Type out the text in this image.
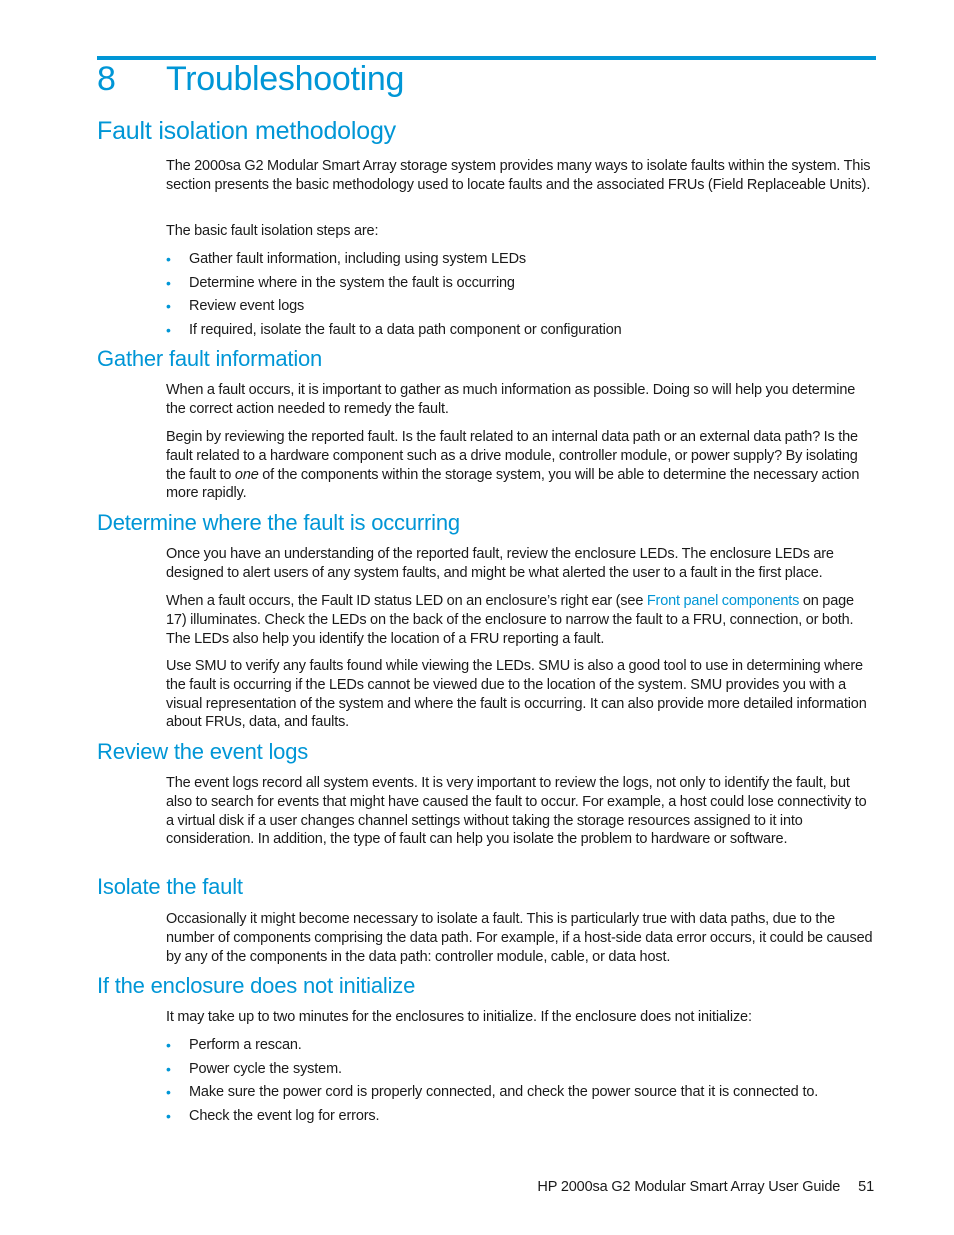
8 Troubleshooting
Fault isolation methodology

The 2000sa G2 Modular Smart Array storage system provides many ways to isolate faults within the system. This section presents the basic methodology used to locate faults and the associated FRUs (Field Replaceable Units).

The basic fault isolation steps are:

• Gather fault information, including using system LEDs
• Determine where in the system the fault is occurring
• Review event logs
• If required, isolate the fault to a data path component or configuration
Gather fault information

When a fault occurs, it is important to gather as much information as possible. Doing so will help you determine the correct action needed to remedy the fault.

Begin by reviewing the reported fault. Is the fault related to an internal data path or an external data path? Is the fault related to a hardware component such as a drive module, controller module, or power supply? By isolating the fault to one of the components within the storage system, you will be able to determine the necessary action more rapidly.

Determine where the fault is occurring

Once you have an understanding of the reported fault, review the enclosure LEDs. The enclosure LEDs are designed to alert users of any system faults, and might be what alerted the user to a fault in the first place.

When a fault occurs, the Fault ID status LED on an enclosure’s right ear (see Front panel components on page 17) illuminates. Check the LEDs on the back of the enclosure to narrow the fault to a FRU, connection, or both. The LEDs also help you identify the location of a FRU reporting a fault.

Use SMU to verify any faults found while viewing the LEDs. SMU is also a good tool to use in determining where the fault is occurring if the LEDs cannot be viewed due to the location of the system. SMU provides you with a visual representation of the system and where the fault is occurring. It can also provide more detailed information about FRUs, data, and faults.

Review the event logs

The event logs record all system events. It is very important to review the logs, not only to identify the fault, but also to search for events that might have caused the fault to occur. For example, a host could lose connectivity to a virtual disk if a user changes channel settings without taking the storage resources assigned to it into consideration. In addition, the type of fault can help you isolate the problem to hardware or software.

Isolate the fault

Occasionally it might become necessary to isolate a fault. This is particularly true with data paths, due to the number of components comprising the data path. For example, if a host-side data error occurs, it could be caused by any of the components in the data path: controller module, cable, or data host.

If the enclosure does not initialize

It may take up to two minutes for the enclosures to initialize. If the enclosure does not initialize:

• Perform a rescan.
• Power cycle the system.
• Make sure the power cord is properly connected, and check the power source that it is connected to.
• Check the event log for errors.
HP 2000sa G2 Modular Smart Array User Guide 51
